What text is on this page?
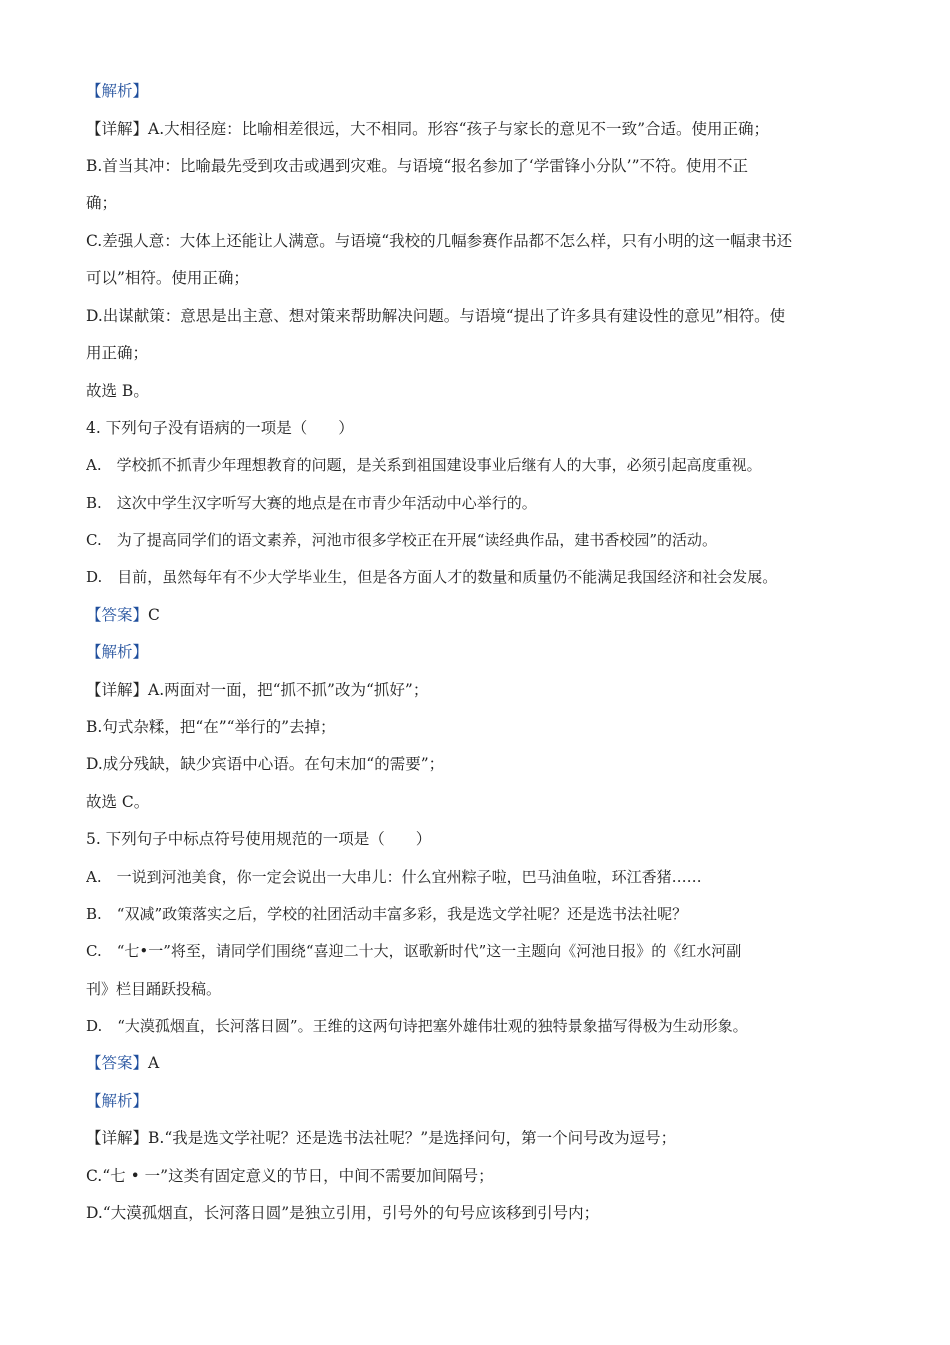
【解析】
【详解】A.大相径庭：比喻相差很远，大不相同。形容“孩子与家长的意见不一致”合适。使用正确；
B.首当其冲：比喻最先受到攻击或遇到灾难。与语境“报名参加了‘学雷锋小分队’”不符。使用不正
确；
C.差强人意：大体上还能让人满意。与语境“我校的几幅参赛作品都不怎么样，只有小明的这一幅隶书还
可以”相符。使用正确；
D.出谋献策：意思是出主意、想对策来帮助解决问题。与语境“提出了许多具有建设性的意见”相符。使
用正确；
故选 B。
4. 下列句子没有语病的一项是（　　）
A.　学校抓不抓青少年理想教育的问题，是关系到祖国建设事业后继有人的大事，必须引起高度重视。
B.　这次中学生汉字听写大赛的地点是在市青少年活动中心举行的。
C.　为了提高同学们的语文素养，河池市很多学校正在开展“读经典作品，建书香校园”的活动。
D.　目前，虽然每年有不少大学毕业生，但是各方面人才的数量和质量仍不能满足我国经济和社会发展。
【答案】C
【解析】
【详解】A.两面对一面，把“抓不抓”改为“抓好”；
B.句式杂糅，把“在”“举行的”去掉；
D.成分残缺，缺少宾语中心语。在句末加“的需要”；
故选 C。
5. 下列句子中标点符号使用规范的一项是（　　）
A.　一说到河池美食，你一定会说出一大串儿：什么宜州粽子啦，巴马油鱼啦，环江香猪……
B.　“双减”政策落实之后，学校的社团活动丰富多彩，我是选文学社呢？还是选书法社呢？
C.　“七•一”将至，请同学们围绕“喜迎二十大，讴歌新时代”这一主题向《河池日报》的《红水河副
刊》栏目踊跃投稿。
D.　“大漠孤烟直，长河落日圆”。王维的这两句诗把塞外雄伟壮观的独特景象描写得极为生动形象。
【答案】A
【解析】
【详解】B.“我是选文学社呢？还是选书法社呢？”是选择问句，第一个问号改为逗号；
C.“七 • 一”这类有固定意义的节日，中间不需要加间隔号；
D.“大漠孤烟直，长河落日圆”是独立引用，引号外的句号应该移到引号内；
